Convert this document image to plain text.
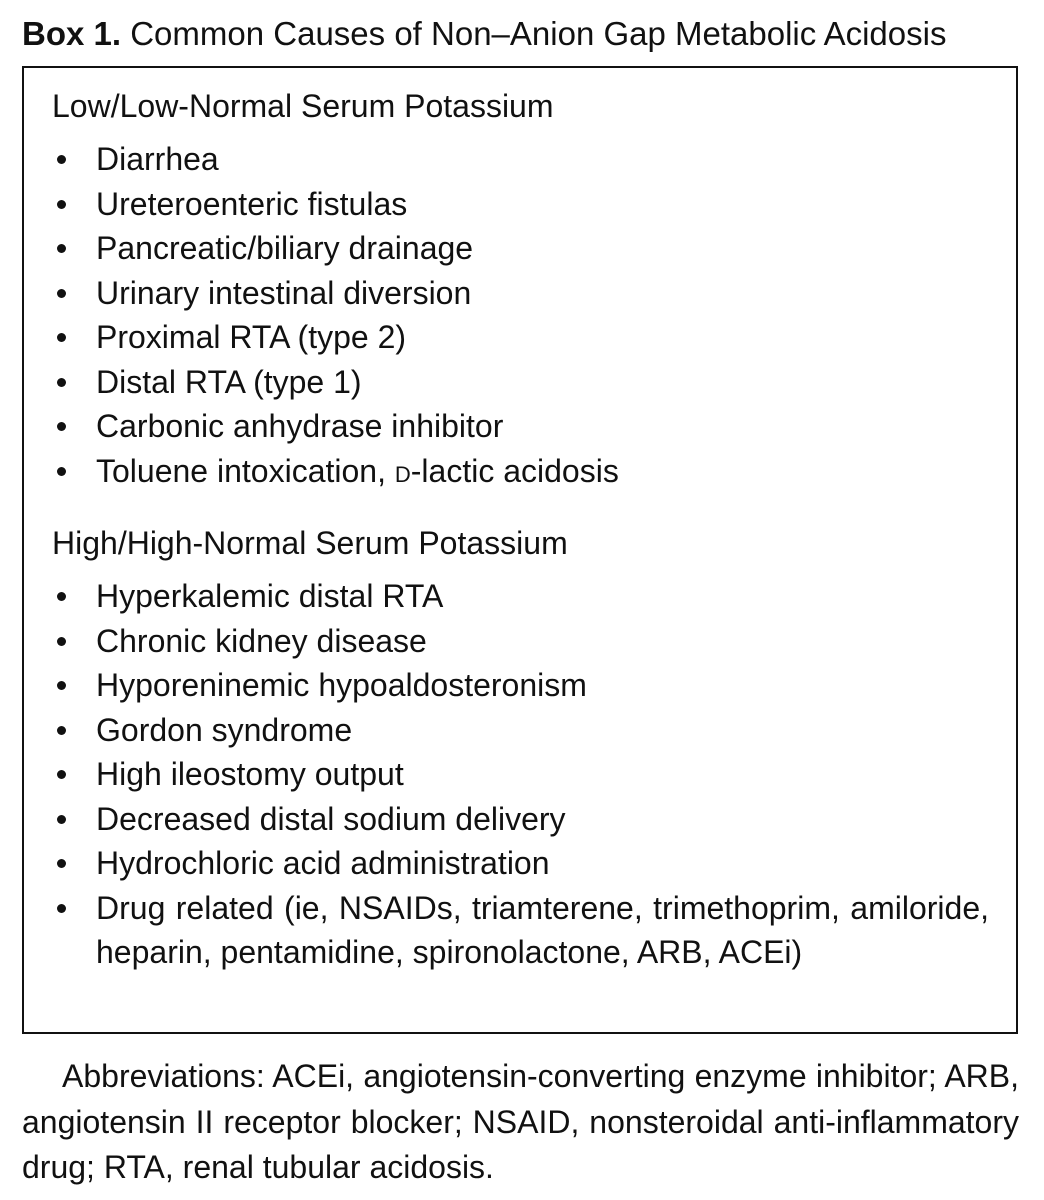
Box 1. Common Causes of Non–Anion Gap Metabolic Acidosis
Low/Low-Normal Serum Potassium
Diarrhea
Ureteroenteric fistulas
Pancreatic/biliary drainage
Urinary intestinal diversion
Proximal RTA (type 2)
Distal RTA (type 1)
Carbonic anhydrase inhibitor
Toluene intoxication, D-lactic acidosis
High/High-Normal Serum Potassium
Hyperkalemic distal RTA
Chronic kidney disease
Hyporeninemic hypoaldosteronism
Gordon syndrome
High ileostomy output
Decreased distal sodium delivery
Hydrochloric acid administration
Drug related (ie, NSAIDs, triamterene, trimethoprim, amiloride, heparin, pentamidine, spironolactone, ARB, ACEi)
Abbreviations: ACEi, angiotensin-converting enzyme inhibitor; ARB, angiotensin II receptor blocker; NSAID, nonsteroidal anti-inflammatory drug; RTA, renal tubular acidosis.
